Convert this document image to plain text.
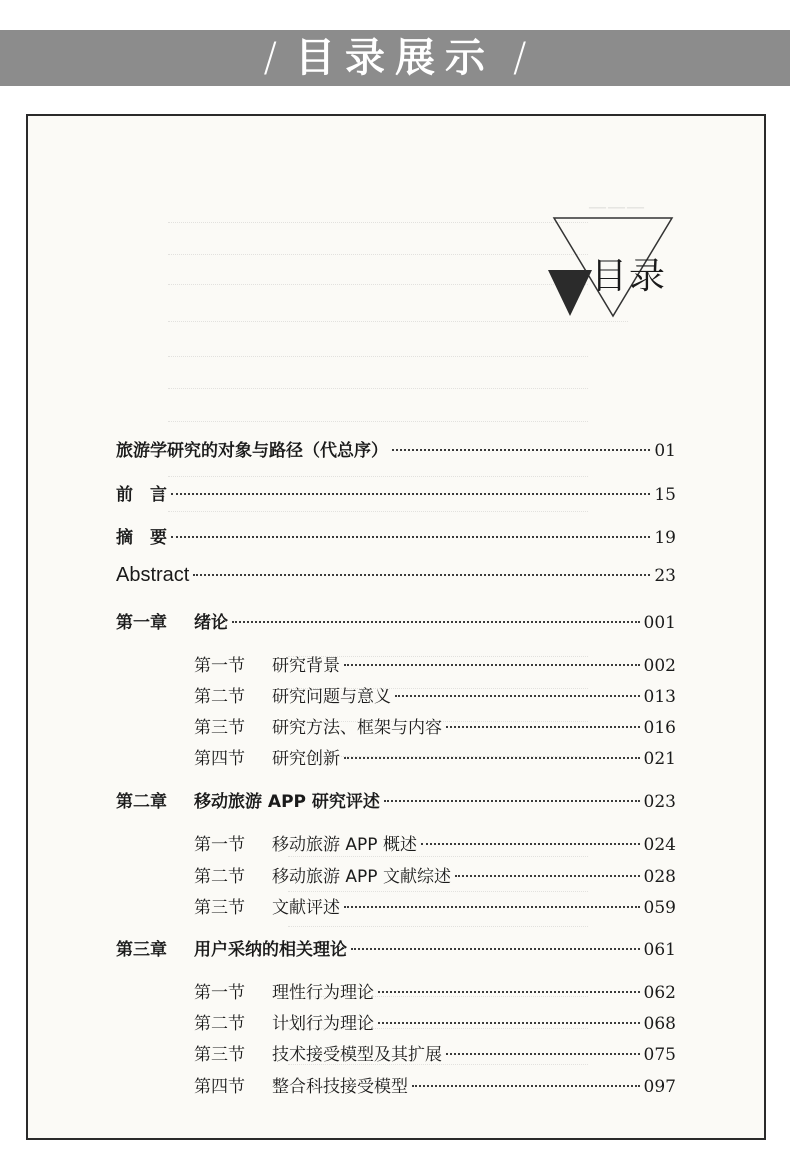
/ 目录展示 /
———
目录
旅游学研究的对象与路径（代总序）	01
前　言	15
摘　要	19
Abstract	23
第一章	绪论	001
第一节	研究背景	002
第二节	研究问题与意义	013
第三节	研究方法、框架与内容	016
第四节	研究创新	021
第二章	移动旅游 APP 研究评述	023
第一节	移动旅游 APP 概述	024
第二节	移动旅游 APP 文献综述	028
第三节	文献评述	059
第三章	用户采纳的相关理论	061
第一节	理性行为理论	062
第二节	计划行为理论	068
第三节	技术接受模型及其扩展	075
第四节	整合科技接受模型	097
